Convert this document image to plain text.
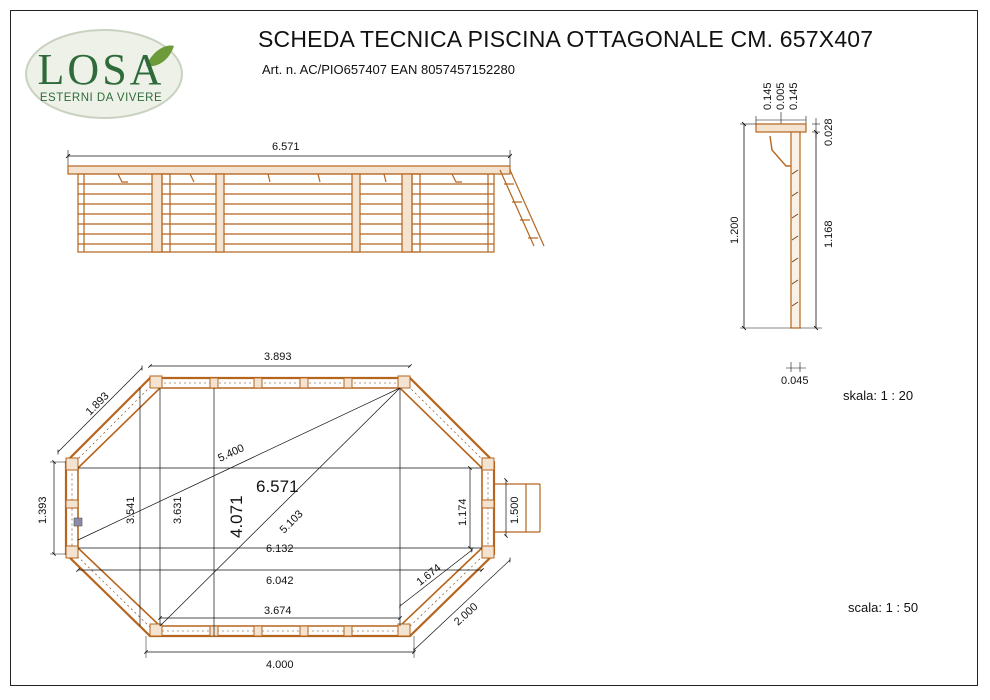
LOSA
ESTERNI DA VIVERE
SCHEDA TECNICA PISCINA OTTAGONALE CM. 657X407
Art. n. AC/PIO657407 EAN 8057457152280
skala: 1 : 20
scala: 1 : 50
6.571
0.145 0.005 0.145
0.028
1.200	1.168
0.045
3.893
1.893
5.400
6.571
4.071
3.541	3.631	5.103
1.393	1.174	1.500
6.132
6.042	1.674
3.674	2.000
4.000
